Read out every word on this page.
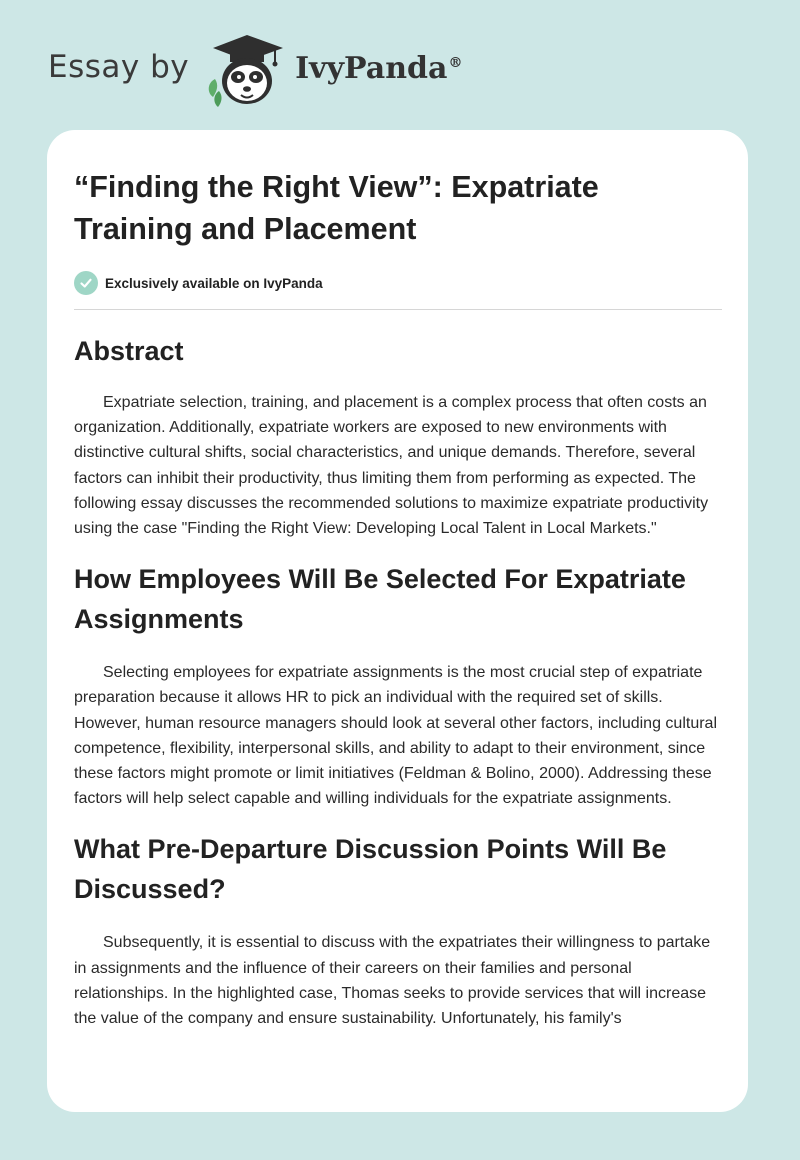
Essay by	IvyPanda®
“Finding the Right View”: Expatriate Training and Placement
Exclusively available on IvyPanda
Abstract

Expatriate selection, training, and placement is a complex process that often costs an organization. Additionally, expatriate workers are exposed to new environments with distinctive cultural shifts, social characteristics, and unique demands. Therefore, several factors can inhibit their productivity, thus limiting them from performing as expected. The following essay discusses the recommended solutions to maximize expatriate productivity using the case "Finding the Right View: Developing Local Talent in Local Markets."

How Employees Will Be Selected For Expatriate Assignments

Selecting employees for expatriate assignments is the most crucial step of expatriate preparation because it allows HR to pick an individual with the required set of skills. However, human resource managers should look at several other factors, including cultural competence, flexibility, interpersonal skills, and ability to adapt to their environment, since these factors might promote or limit initiatives (Feldman & Bolino, 2000). Addressing these factors will help select capable and willing individuals for the expatriate assignments.

What Pre-Departure Discussion Points Will Be Discussed?

Subsequently, it is essential to discuss with the expatriates their willingness to partake in assignments and the influence of their careers on their families and personal relationships. In the highlighted case, Thomas seeks to provide services that will increase the value of the company and ensure sustainability. Unfortunately, his family's
